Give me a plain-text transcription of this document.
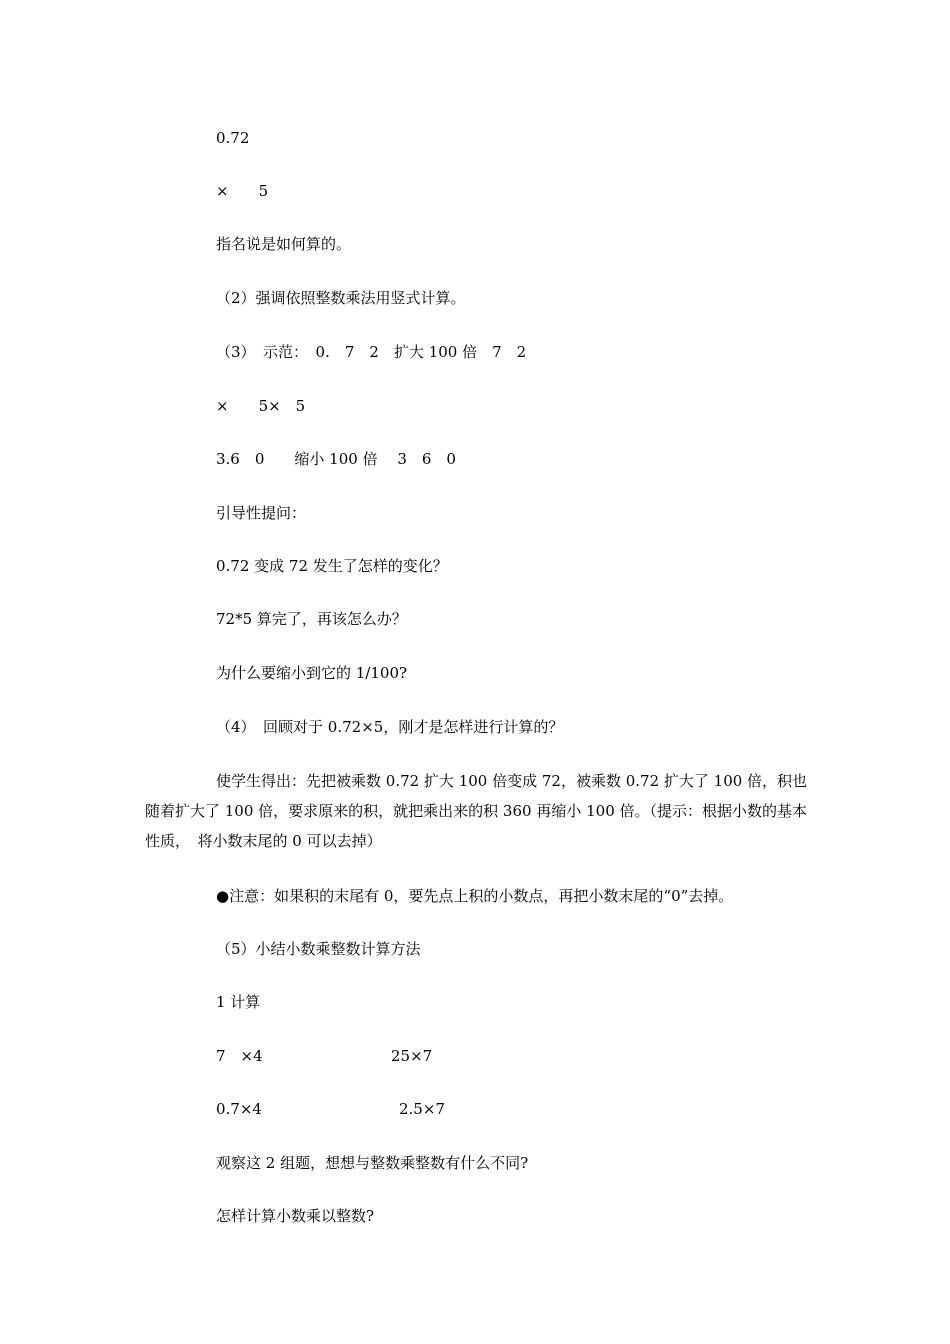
0.72
×　　5
指名说是如何算的。
（2）强调依照整数乘法用竖式计算。
（3）　示范：　0.　7　2　扩大 100 倍　7　2
×　　5×　5
3.6　0　　缩小 100 倍　 3　6　0
引导性提问：
0.72 变成 72 发生了怎样的变化？
72*5 算完了，再该怎么办？
为什么要缩小到它的 1/100?
（4）　回顾对于 0.72×5，刚才是怎样进行计算的？
使学生得出：先把被乘数 0.72 扩大 100 倍变成 72，被乘数 0.72 扩大了 100 倍，积也随着扩大了 100 倍，要求原来的积，就把乘出来的积 360 再缩小 100 倍。（提示：根据小数的基本性质，　将小数末尾的 0 可以去掉）
●注意：如果积的末尾有 0，要先点上积的小数点，再把小数末尾的“0”去掉。
（5）小结小数乘整数计算方法
1 计算
7　×4	25×7
0.7×4	2.5×7
观察这 2 组题，想想与整数乘整数有什么不同?
怎样计算小数乘以整数?
